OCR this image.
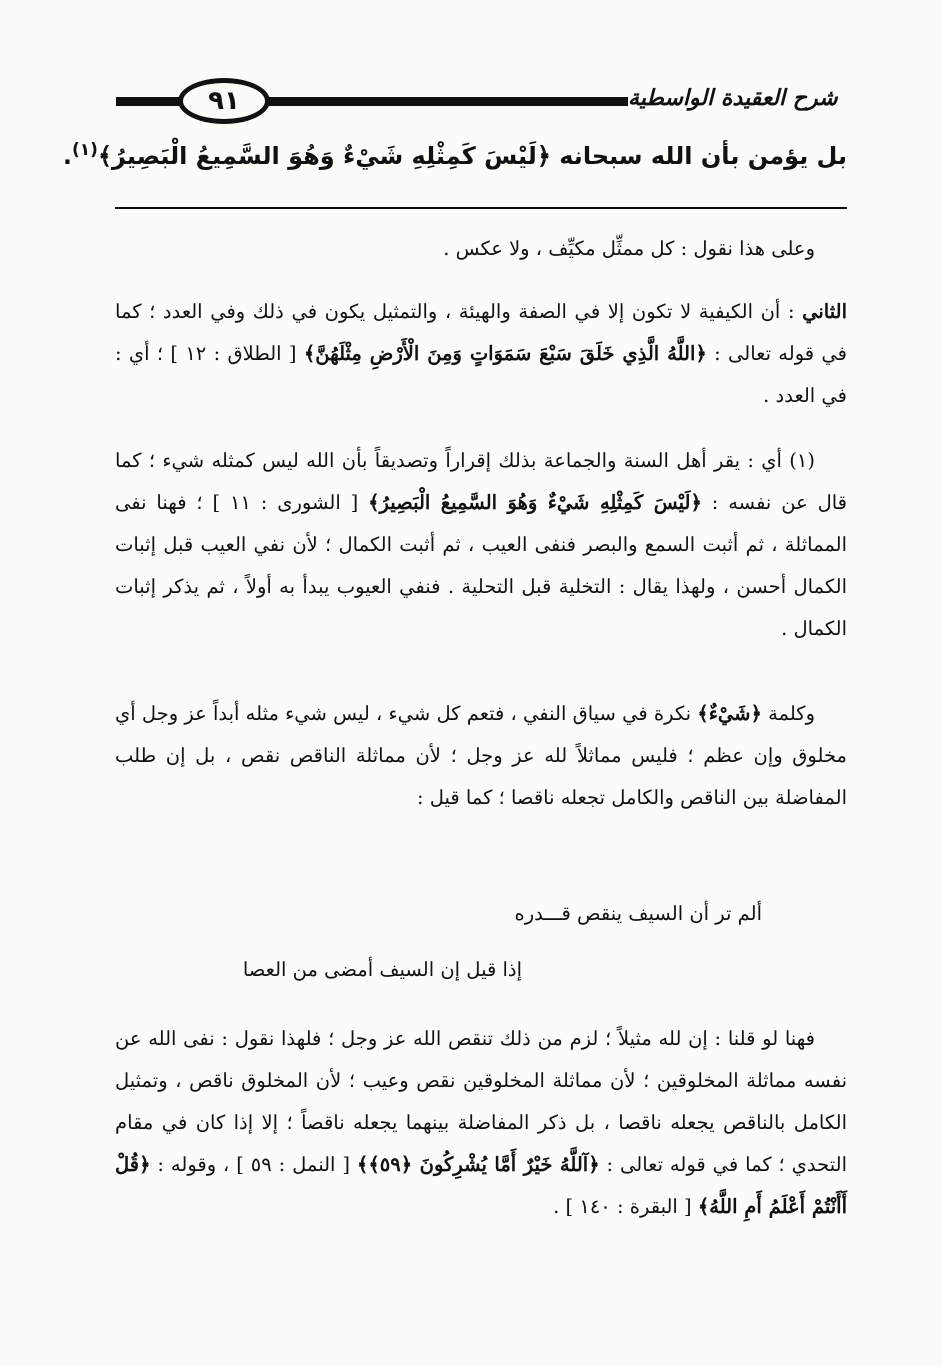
٩١	شرح العقيدة الواسطية
بل يؤمن بأن الله سبحانه ﴿لَيْسَ كَمِثْلِهِ شَيْءٌ وَهُوَ السَّمِيعُ الْبَصِيرُ﴾$^{(١)}$.
وعلى هذا نقول : كل ممثِّل مكيِّف ، ولا عكس .
الثاني : أن الكيفية لا تكون إلا في الصفة والهيئة ، والتمثيل يكون في ذلك وفي العدد ؛ كما في قوله تعالى : ﴿اللَّهُ الَّذِي خَلَقَ سَبْعَ سَمَوَاتٍ وَمِنَ الْأَرْضِ مِثْلَهُنَّ﴾ [ الطلاق : ١٢ ] ؛ أي : في العدد .
(١) أي : يقر أهل السنة والجماعة بذلك إقراراً وتصديقاً بأن الله ليس كمثله شيء ؛ كما قال عن نفسه : ﴿لَيْسَ كَمِثْلِهِ شَيْءٌ وَهُوَ السَّمِيعُ الْبَصِيرُ﴾ [ الشورى : ١١ ] ؛ فهنا نفى المماثلة ، ثم أثبت السمع والبصر فنفى العيب ، ثم أثبت الكمال ؛ لأن نفي العيب قبل إثبات الكمال أحسن ، ولهذا يقال : التخلية قبل التحلية . فنفي العيوب يبدأ به أولاً ، ثم يذكر إثبات الكمال .
وكلمة ﴿شَيْءٌ﴾ نكرة في سياق النفي ، فتعم كل شيء ، ليس شيء مثله أبداً عز وجل أي مخلوق وإن عظم ؛ فليس مماثلاً لله عز وجل ؛ لأن مماثلة الناقص نقص ، بل إن طلب المفاضلة بين الناقص والكامل تجعله ناقصا ؛ كما قيل :
ألم تر أن السيف ينقص قـــدره
إذا قيل إن السيف أمضى من العصا
فهنا لو قلنا : إن لله مثيلاً ؛ لزم من ذلك تنقص الله عز وجل ؛ فلهذا نقول : نفى الله عن نفسه مماثلة المخلوقين ؛ لأن مماثلة المخلوقين نقص وعيب ؛ لأن المخلوق ناقص ، وتمثيل الكامل بالناقص يجعله ناقصا ، بل ذكر المفاضلة بينهما يجعله ناقصاً ؛ إلا إذا كان في مقام التحدي ؛ كما في قوله تعالى : ﴿آللَّهُ خَيْرٌ أَمَّا يُشْرِكُونَ ﴿٥٩﴾﴾ [ النمل : ٥٩ ] ، وقوله : ﴿قُلْ أَأَنْتُمْ أَعْلَمُ أَمِ اللَّهُ﴾ [ البقرة : ١٤٠ ] .
